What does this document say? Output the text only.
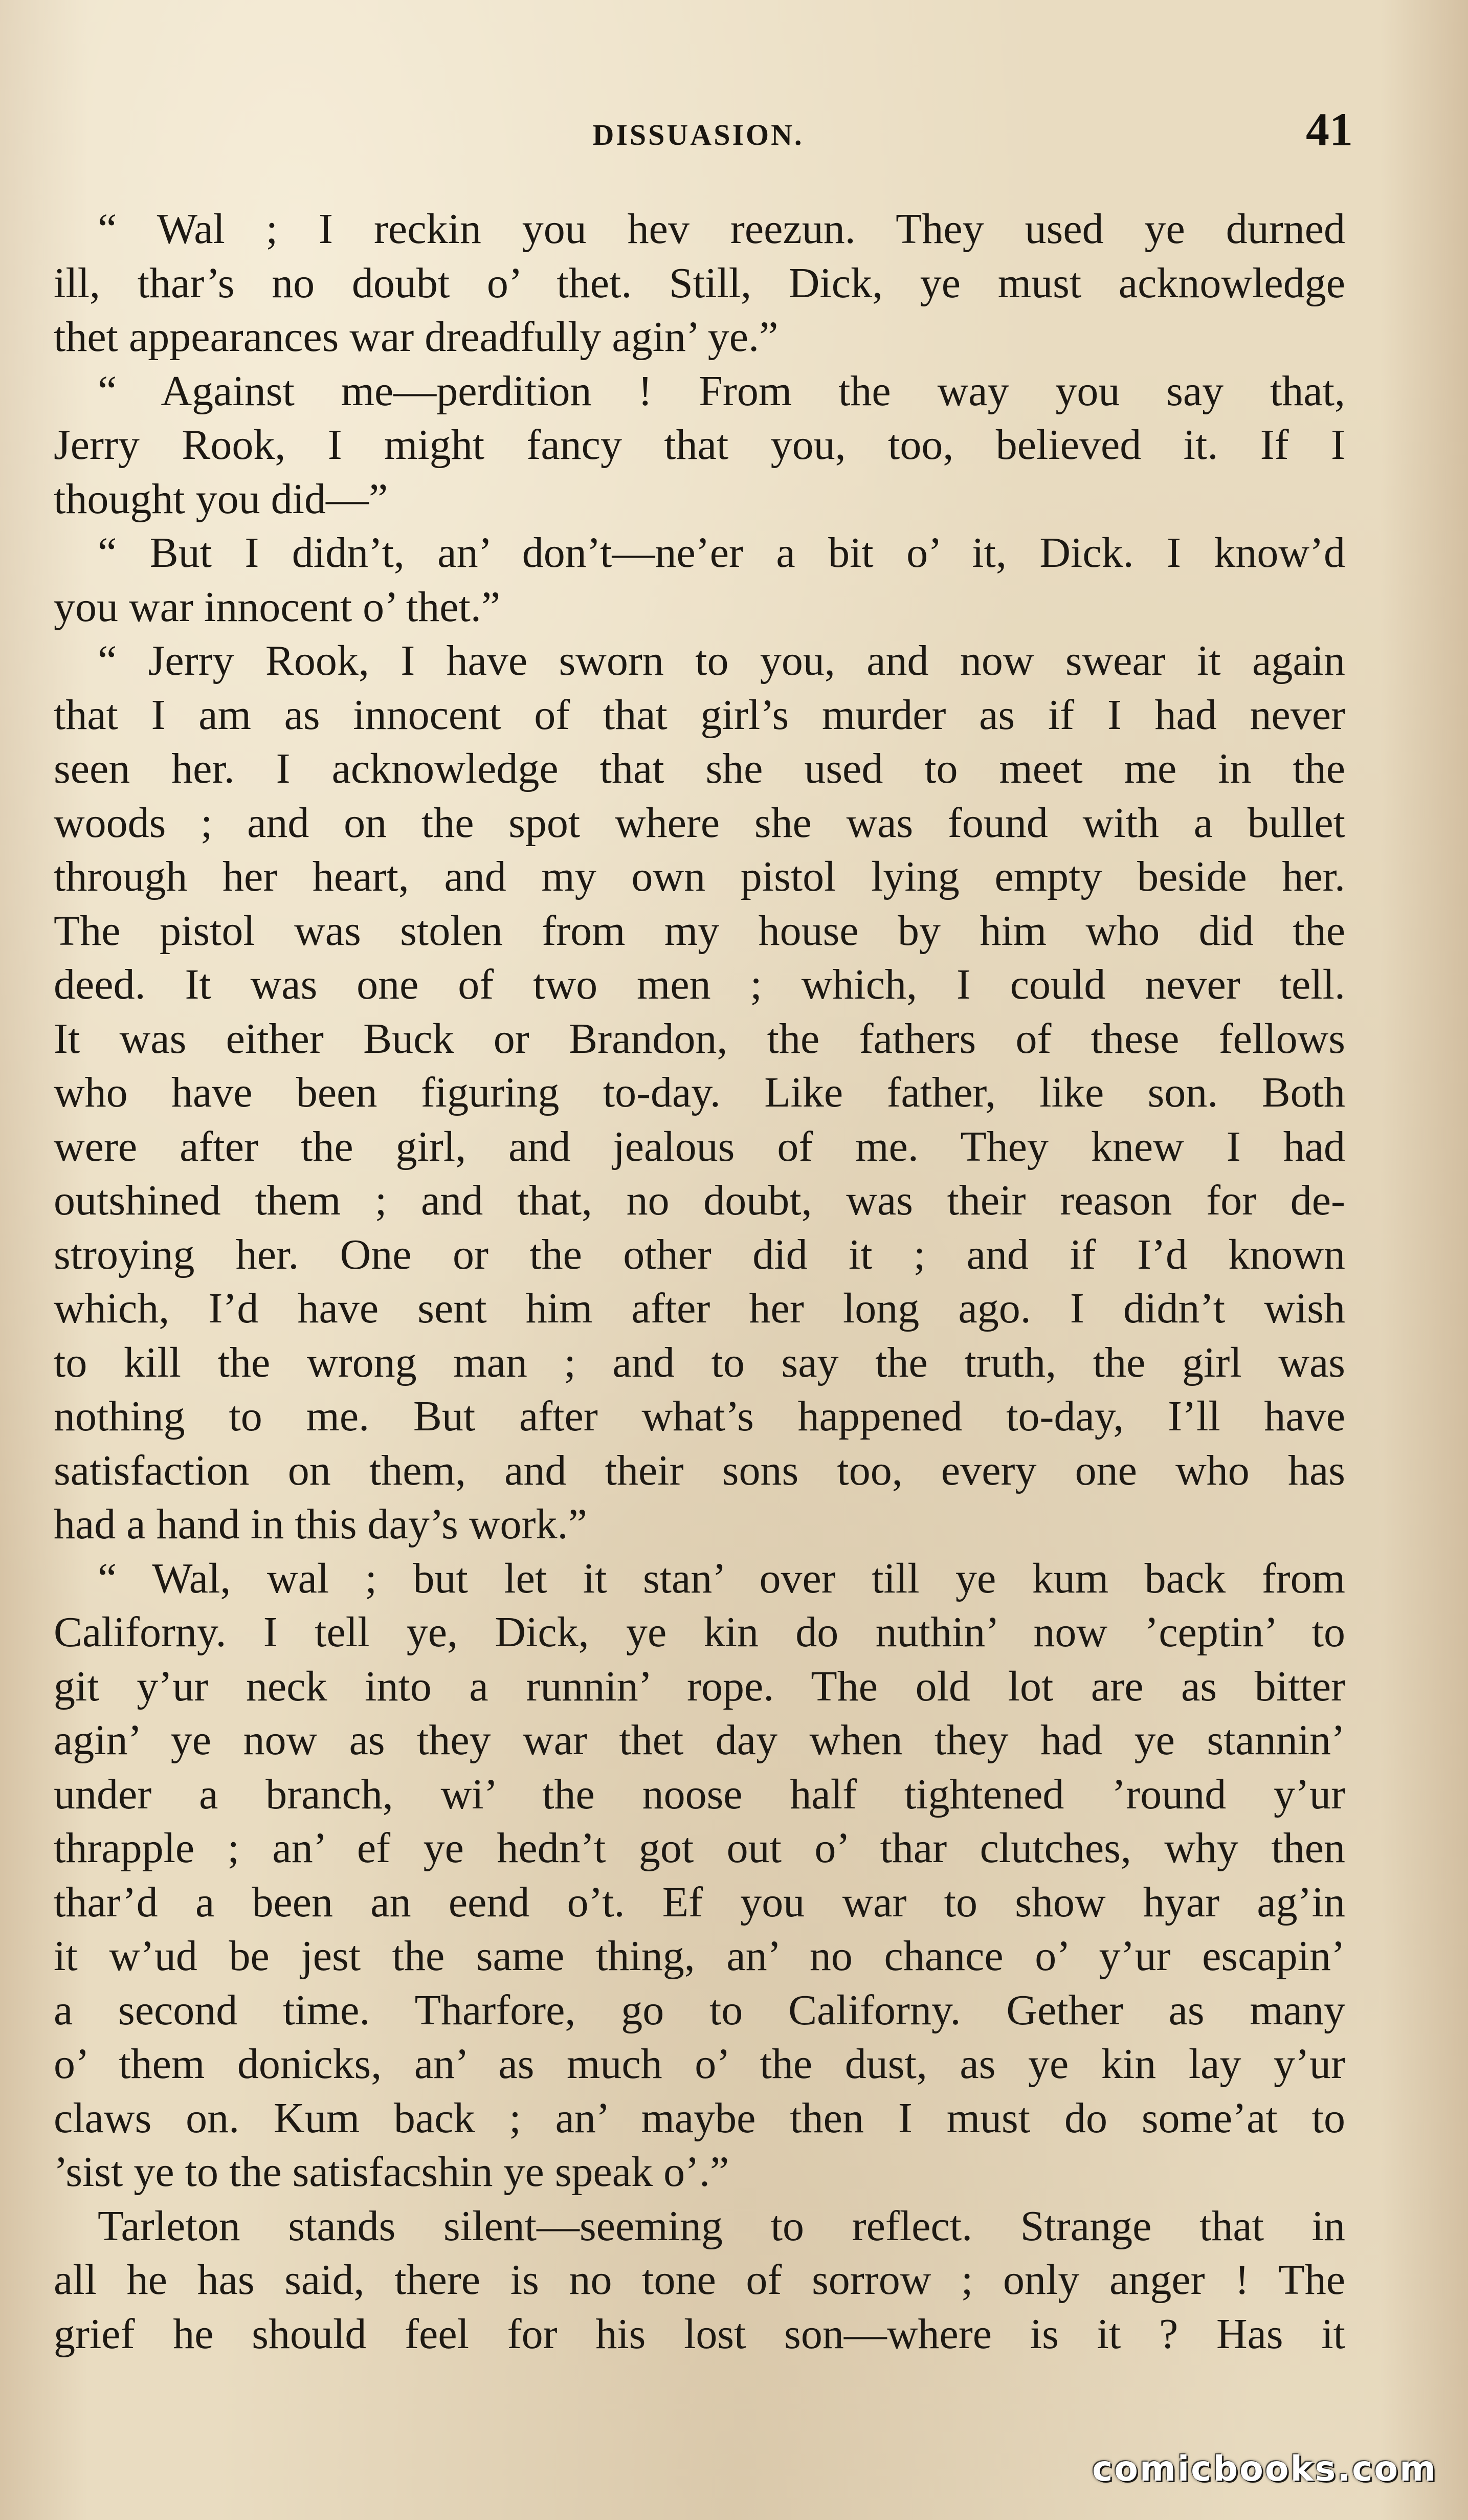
DISSUASION.	41
“ Wal ; I reckin you hev reezun. They used ye durned
ill, thar’s no doubt o’ thet. Still, Dick, ye must acknowledge
thet appearances war dreadfully agin’ ye.”
“ Against me—perdition ! From the way you say that,
Jerry Rook, I might fancy that you, too, believed it. If I
thought you did—”
“ But I didn’t, an’ don’t—ne’er a bit o’ it, Dick. I know’d
you war innocent o’ thet.”
“ Jerry Rook, I have sworn to you, and now swear it again
that I am as innocent of that girl’s murder as if I had never
seen her. I acknowledge that she used to meet me in the
woods ; and on the spot where she was found with a bullet
through her heart, and my own pistol lying empty beside her.
The pistol was stolen from my house by him who did the
deed. It was one of two men ; which, I could never tell.
It was either Buck or Brandon, the fathers of these fellows
who have been figuring to-day. Like father, like son. Both
were after the girl, and jealous of me. They knew I had
outshined them ; and that, no doubt, was their reason for de-
stroying her. One or the other did it ; and if I’d known
which, I’d have sent him after her long ago. I didn’t wish
to kill the wrong man ; and to say the truth, the girl was
nothing to me. But after what’s happened to-day, I’ll have
satisfaction on them, and their sons too, every one who has
had a hand in this day’s work.”
“ Wal, wal ; but let it stan’ over till ye kum back from
Californy. I tell ye, Dick, ye kin do nuthin’ now ’ceptin’ to
git y’ur neck into a runnin’ rope. The old lot are as bitter
agin’ ye now as they war thet day when they had ye stannin’
under a branch, wi’ the noose half tightened ’round y’ur
thrapple ; an’ ef ye hedn’t got out o’ thar clutches, why then
thar’d a been an eend o’t. Ef you war to show hyar ag’in
it w’ud be jest the same thing, an’ no chance o’ y’ur escapin’
a second time. Tharfore, go to Californy. Gether as many
o’ them donicks, an’ as much o’ the dust, as ye kin lay y’ur
claws on. Kum back ; an’ maybe then I must do some’at to
’sist ye to the satisfacshin ye speak o’.”
Tarleton stands silent—seeming to reflect. Strange that in
all he has said, there is no tone of sorrow ; only anger ! The
grief he should feel for his lost son—where is it ? Has it
comicbooks.com
